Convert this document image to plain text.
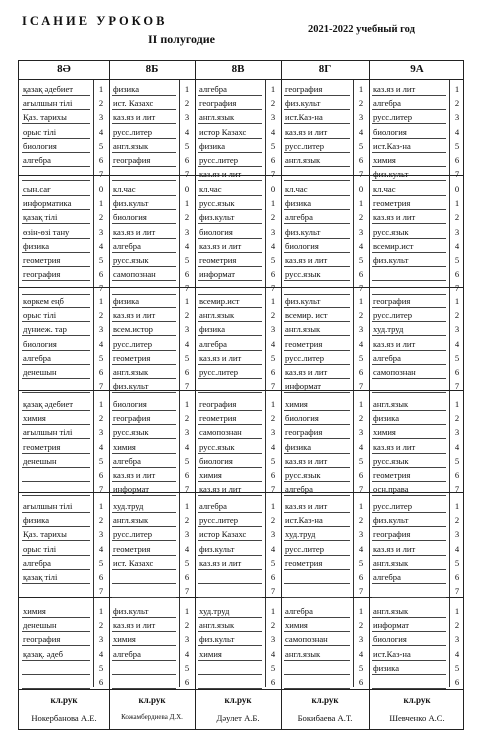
ІСАНИЕ УРОКОВ
II полугодие
2021-2022 учебный год
8Ә
қазақ әдебиет	1
ағылшын тілі	2
Қаз. тарихы	3
орыс тілі	4
биология	5
алгебра	6
7
сын.сағ	0
информатика	1
қазақ тілі	2
өзін-өзі тану	3
физика	4
геометрия	5
география	6
7
көркем еңб	1
орыс тілі	2
дүниеж. тар	3
биология	4
алгебра	5
денешын	6
7
қазақ әдебиет	1
химия	2
ағылшын тілі	3
геометрия	4
денешын	5
6
7
ағылшын тілі	1
физика	2
Қаз. тарихы	3
орыс тілі	4
алгебра	5
қазақ тілі	6
7
химия	1
денешын	2
география	3
қазақ. әдеб	4
5
6
кл.рук
Нокербанова А.Е.
8Б
физика	1
ист. Казахс	2
каз.яз и лит	3
русс.литер	4
англ.язык	5
география	6
7
кл.час	0
физ.культ	1
биология	2
каз.яз и лит	3
алгебра	4
русс.язык	5
самопознан	6
7
физика	1
каз.яз и лит	2
всем.истор	3
русс.литер	4
геометрия	5
англ.язык	6
физ.культ	7
биология	1
география	2
русс.язык	3
химия	4
алгебра	5
каз.яз и лит	6
информат	7
худ.труд	1
англ.язык	2
русс.литер	3
геометрия	4
ист. Казахс	5
6
7
физ.культ	1
каз.яз и лит	2
химия	3
алгебра	4
5
6
кл.рук
Кожамбердиева Д.Х.
8В
алгебра	1
география	2
англ.язык	3
истор Казахс	4
физика	5
русс.литер	6
каз.яз и лит	7
кл.час	0
русс.язык	1
физ.культ	2
биология	3
каз.яз и лит	4
геометрия	5
информат	6
7
всемир.ист	1
англ.язык	2
физика	3
алгебра	4
каз.яз и лит	5
русс.литер	6
7
география	1
геометрия	2
самопознан	3
русс.язык	4
биология	5
химия	6
каз.яз и лит	7
алгебра	1
русс.литер	2
истор Казахс	3
физ.культ	4
каз.яз и лит	5
6
7
худ.труд	1
англ.язык	2
физ.культ	3
химия	4
5
6
кл.рук
Дәулет А.Б.
8Г
география	1
физ.культ	2
ист.Каз-на	3
каз.яз и лит	4
русс.литер	5
англ.язык	6
7
кл.час	0
физика	1
алгебра	2
физ.культ	3
биология	4
каз.яз и лит	5
русс.язык	6
7
физ.культ	1
всемир. ист	2
англ.язык	3
геометрия	4
русс.литер	5
каз.яз и лит	6
информат	7
химия	1
биология	2
география	3
физика	4
каз.яз и лит	5
русс.язык	6
алгебра	7
каз.яз и лит	1
ист.Каз-на	2
худ.труд	3
русс.литер	4
геометрия	5
6
7
алгебра	1
химия	2
самопознан	3
англ.язык	4
5
6
кл.рук
Бокибаева А.Т.
9А
каз.яз и лит	1
алгебра	2
русс.литер	3
биология	4
ист.Каз-на	5
химия	6
физ.культ	7
кл.час	0
геометрия	1
каз.яз и лит	2
русс.язык	3
всемир.ист	4
физ.культ	5
6
7
география	1
русс.литер	2
худ.труд	3
каз.яз и лит	4
алгебра	5
самопознан	6
7
англ.язык	1
физика	2
химия	3
каз.яз и лит	4
русс.язык	5
геометрия	6
осн.права	7
русс.литер	1
физ.культ	2
география	3
каз.яз и лит	4
англ.язык	5
алгебра	6
7
англ.язык	1
информат	2
биология	3
ист.Каз-на	4
физика	5
6
кл.рук
Шевченко А.С.
